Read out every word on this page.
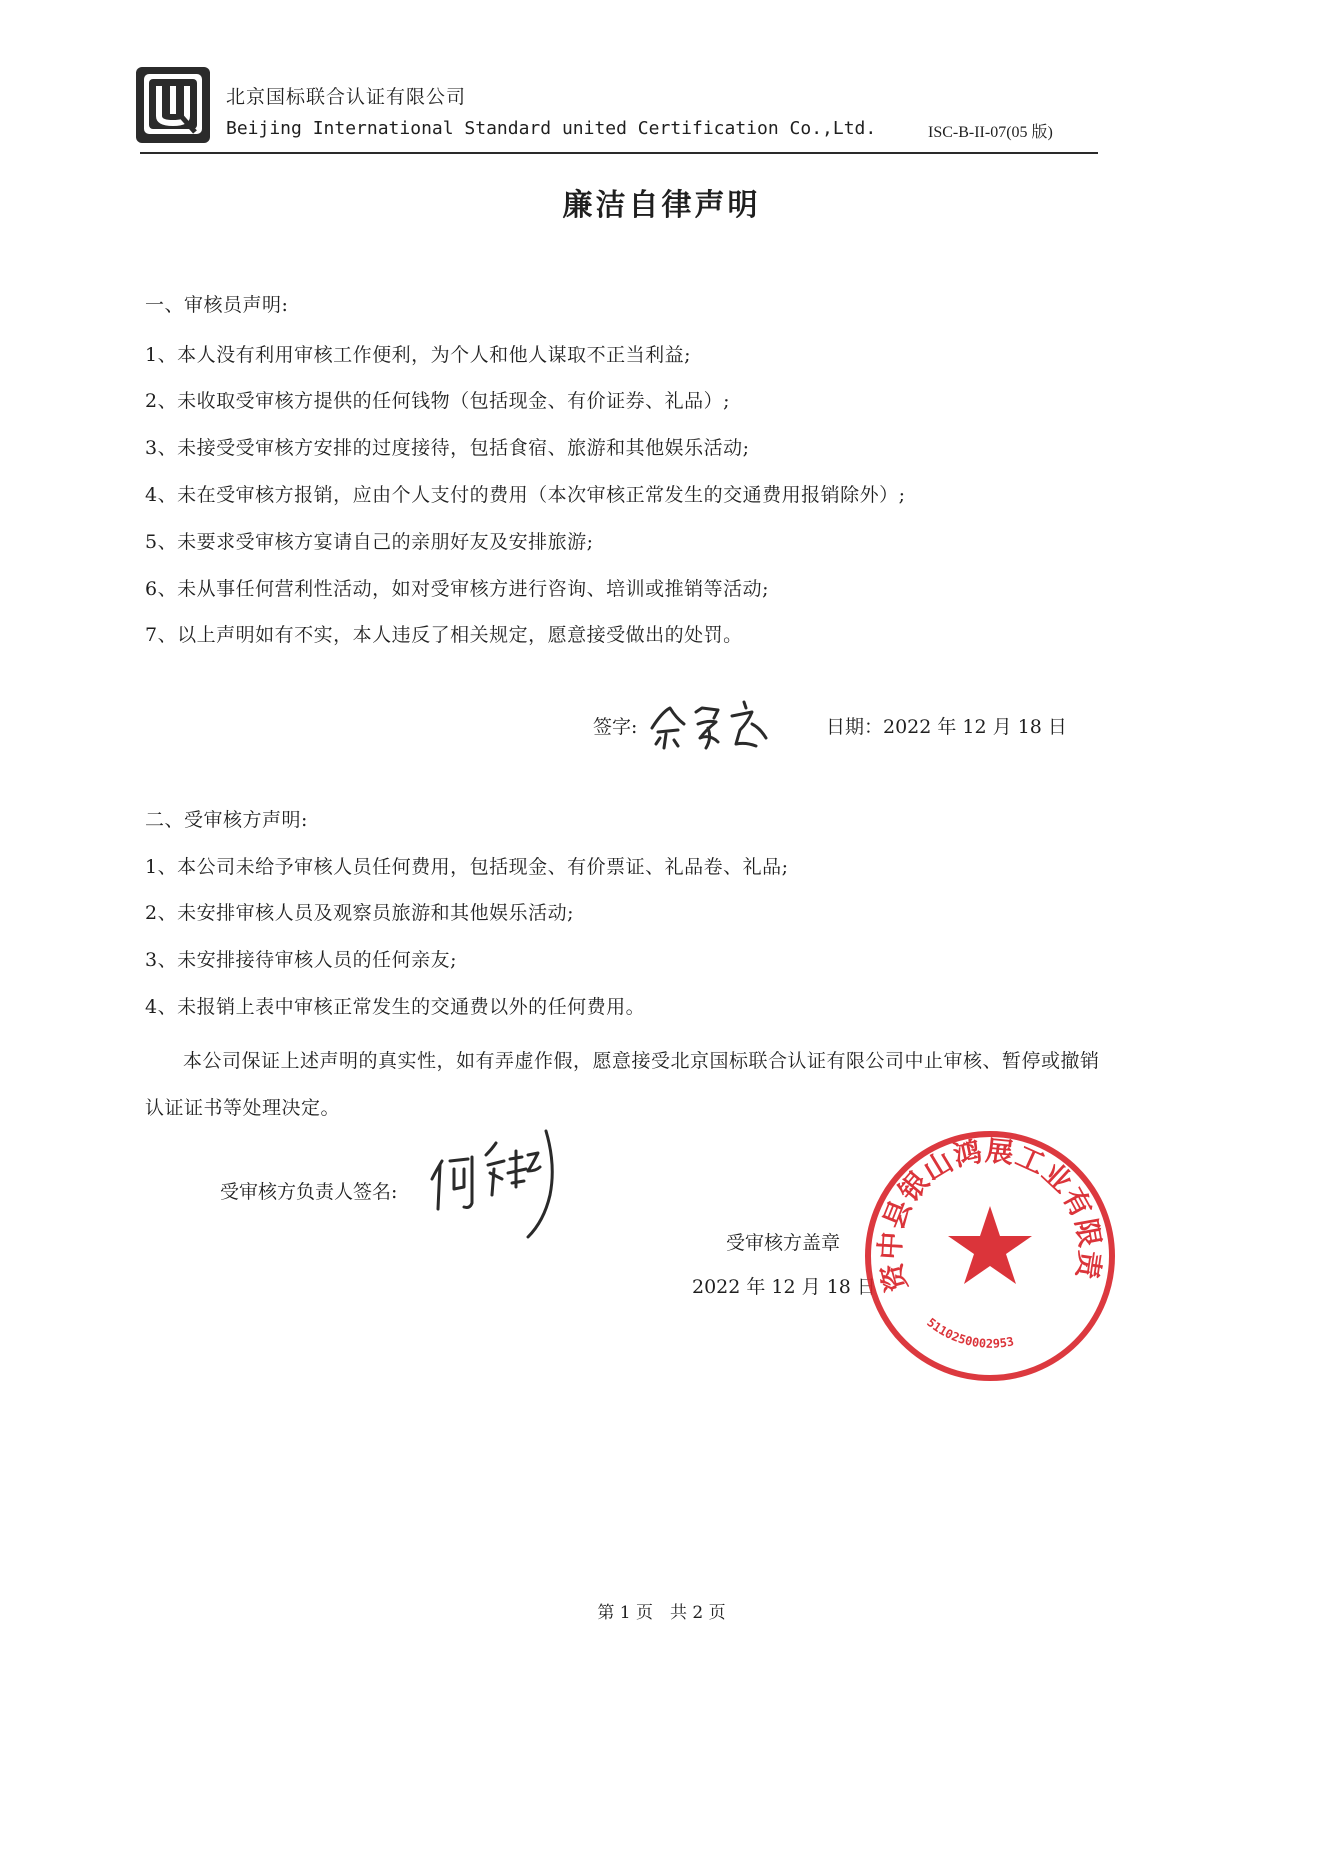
北京国标联合认证有限公司
Beijing International Standard united Certification Co.,Ltd.	ISC-B-II-07(05 版)
廉洁自律声明
一、审核员声明:
1、本人没有利用审核工作便利，为个人和他人谋取不正当利益;
2、未收取受审核方提供的任何钱物（包括现金、有价证券、礼品）;
3、未接受受审核方安排的过度接待，包括食宿、旅游和其他娱乐活动;
4、未在受审核方报销，应由个人支付的费用（本次审核正常发生的交通费用报销除外）;
5、未要求受审核方宴请自己的亲朋好友及安排旅游;
6、未从事任何营利性活动，如对受审核方进行咨询、培训或推销等活动;
7、以上声明如有不实，本人违反了相关规定，愿意接受做出的处罚。
签字:	日期：2022 年 12 月 18 日
二、受审核方声明:
1、本公司未给予审核人员任何费用，包括现金、有价票证、礼品卷、礼品;
2、未安排审核人员及观察员旅游和其他娱乐活动;
3、未安排接待审核人员的任何亲友;
4、未报销上表中审核正常发生的交通费以外的任何费用。
本公司保证上述声明的真实性，如有弄虚作假，愿意接受北京国标联合认证有限公司中止审核、暂停或撤销认证证书等处理决定。
受审核方负责人签名:
受审核方盖章
2022 年 12 月 18 日
资中县银山鸿展工业有限责任公司
5110250002953
第 1 页　共 2 页
